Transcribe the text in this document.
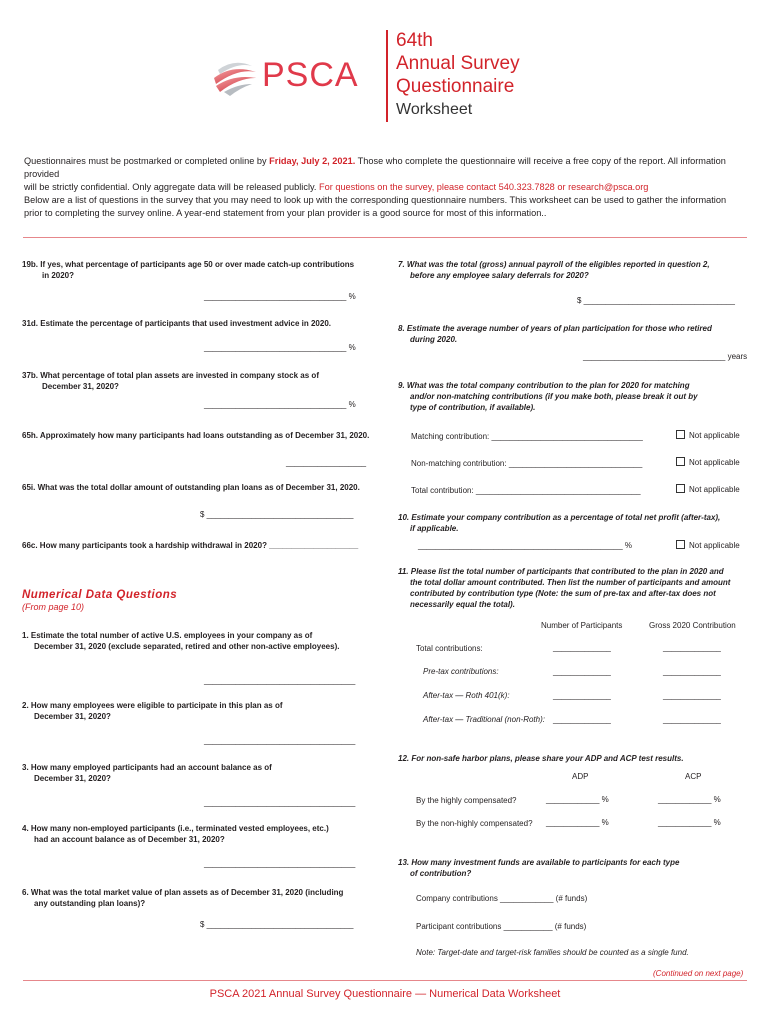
PSCA
64th
Annual Survey
Questionnaire
Worksheet
Questionnaires must be postmarked or completed online by Friday, July 2, 2021. Those who complete the questionnaire will receive a free copy of the report. All information provided
will be strictly confidential. Only aggregate data will be released publicly. For questions on the survey, please contact 540.323.7828 or research@psca.org
Below are a list of questions in the survey that you may need to look up with the corresponding questionnaire numbers. This worksheet can be used to gather the information
prior to completing the survey online. A year-end statement from your plan provider is a good source for most of this information..
19b. If yes, what percentage of participants age 50 or over made catch-up contributions
in 2020?
________________________________ %
31d. Estimate the percentage of participants that used investment advice in 2020.
________________________________ %
37b. What percentage of total plan assets are invested in company stock as of
December 31, 2020?
________________________________ %
65h. Approximately how many participants had loans outstanding as of December 31, 2020.
__________________
65i. What was the total dollar amount of outstanding plan loans as of December 31, 2020.
$ _________________________________
66c. How many participants took a hardship withdrawal in 2020? ____________________
Numerical Data Questions
(From page 10)
1. Estimate the total number of active U.S. employees in your company as of
December 31, 2020 (exclude separated, retired and other non-active employees).
__________________________________
2. How many employees were eligible to participate in this plan as of
December 31, 2020?
__________________________________
3. How many employed participants had an account balance as of
December 31, 2020?
__________________________________
4. How many non-employed participants (i.e., terminated vested employees, etc.)
had an account balance as of December 31, 2020?
__________________________________
6. What was the total market value of plan assets as of December 31, 2020 (including
any outstanding plan loans)?
$ _________________________________
7. What was the total (gross) annual payroll of the eligibles reported in question 2,
before any employee salary deferrals for 2020?
$ __________________________________
8. Estimate the average number of years of plan participation for those who retired
during 2020.
________________________________ years
9. What was the total company contribution to the plan for 2020 for matching
and/or non-matching contributions (if you make both, please break it out by
type of contribution, if available).
Matching contribution: __________________________________	Not applicable
Non-matching contribution: ______________________________	Not applicable
Total contribution: _____________________________________	Not applicable
10. Estimate your company contribution as a percentage of total net profit (after-tax),
if applicable.
______________________________________________ %	Not applicable
11. Please list the total number of participants that contributed to the plan in 2020 and
the total dollar amount contributed. Then list the number of participants and amount
contributed by contribution type (Note: the sum of pre-tax and after-tax does not
necessarily equal the total).
Number of Participants	Gross 2020 Contribution
Total contributions:	_____________	_____________
Pre-tax contributions:	_____________	_____________
After-tax — Roth 401(k):	_____________	_____________
After-tax — Traditional (non-Roth): _____________	_____________
12. For non-safe harbor plans, please share your ADP and ACP test results.
ADP	ACP
By the highly compensated?	____________ %	____________ %
By the non-highly compensated? ____________ %	____________ %
13. How many investment funds are available to participants for each type
of contribution?
Company contributions ____________ (# funds)
Participant contributions ___________ (# funds)
Note: Target-date and target-risk families should be counted as a single fund.
(Continued on next page)
PSCA 2021 Annual Survey Questionnaire — Numerical Data Worksheet
